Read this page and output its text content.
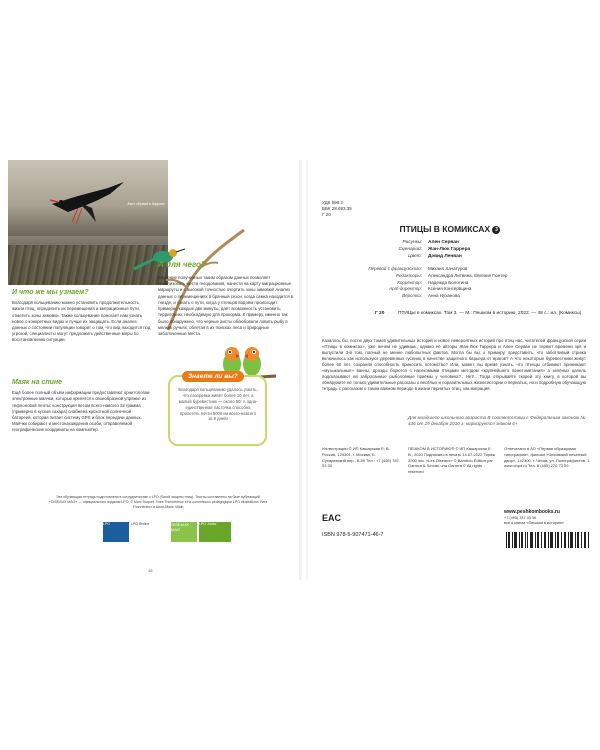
Аист чёрный в Африке

И что же мы узнаем?

Благодаря кольцеванию можно установить продолжительность жизни птиц, определить их перемещения и миграционные пути, отметить зоны зимовки. Также кольцевание помогает нам узнать новое о конкретных видах и лучше их защищать. Если анализ данных о состоянии популяции говорит о том, что вид находится под угрозой, специалисты могут предложить действенные меры по восстановлению ситуации.

Маяк на спине

Ещё более полный объём информации предоставляют орнитологам электронные маячки, которые крепятся к своеобразной упряжке из тефлоновой ленты; конструкция весом всего-навсего 32 грамма (примерно 6 кусков сахара) снабжена крохотной солнечной батареей, которая питает систему GPS и блок передачи данных. Маячки собирают и местонахождения особи, отправляемой географические координаты на компьютер.

А для чего?

Изучение полученных таким образом данных позволяет локализовать места гнездования, нанести на карту миграционные маршруты и с высокой точностью очертить зоны зимовки! Анализ данных о перемещениях в брачный сезон, когда самка находится в гнезде, и узнать о пути, когда у птенцов водоём происходит примерно каждые две минуты, даёт возможность установить территорию, необходимую для прокорма. К примеру, именно так было обнаружено, что черные аисты облюбовали ловить рыбу в мелких ручьях, облетая в их поисках леса и природные заболоченные места.

Знаете ли вы?
Благодаря кольцеванию удалось узнать, что лазоревка живёт более 10 лет, а малый буревестник — около 50! А одна-единственная ласточка способна пролететь почти 5000 км всего-навсего за 8 дней!
Эта обучающая тетрадь подготовлена в сотрудничестве с LPO (Лигой защиты птиц). Тексты составлены на базе публикаций «OISEAUX MAG» — официального издания LPO. © Marc Duquet, Yves Thonnérieux et la commission pédagogique LPO Illustrations Yves Thonnérieux и Anne-Marie Vilain
LPO	LPO Rhône	OISEAUX MAG
LPO Junior
48
УДК 598.2
ББК 28.693.35
Г 20
ПТИЦЫ В КОМИКСАХ 3
Рисунки:	Ален Серван
Сценарий:	Жан-Люк Гаррера
Цвет:	Дэвид Ленван
Перевод с французского:	Михаил Хачатуров
Редакторы:	Александра Литвина, Евгения Гюнтер
Корректор:	Надежда Болотина
Арт-директор:	Ксения Консервцина
Вёрстка:	Анна Нуханова
Г 20	ПТИЦЫ в комиксах. Том 3. — М.: Пешком в историю, 2022. — 48 с.: ил. (Комиксы)
Казалось бы, после двух томов удивительных историй и новое невероятных историй про птиц нас, читателей французской серии «Птицы в комиксах», уже ничем не удивишь, однако её авторы Жан-Люк Гаррера и Ален Серван не теряют времени зря и выпустили 3-й том, полный не менее любопытных фактов. Могла бы вы, к примеру, представить, что заботливый стрижа включилось как используют деревянных гусениц в качестве защитного барьера от врагов? А что некоторые буревестники живут более 60 лет, сохраняя способность приносить потомство? Или, может, вы время узнать, что птенцы отбивают принимают «музыкальные» ванны, дрозды борются с насекомыми птицами методом «крупнейшего пометометания» а зелёных цапель подсказывают ей забросанные рыболовные приёмы у человека?.. Нет!.. Тогда открывайте скорей эту книгу, в которой вы обнаружите не только удивительные рассказы о весёлых и поразительных жизни истории о пернатых, но и подробную обучающую тетрадь с рассказом о таком важном периоде в жизни пернатых птиц, как миграция.
Для младшего школьного возраста В соответствии с Федеральным законом № 436 от 29 декабря 2010 г. маркируется знаком 6+
Иллюстрации © ИП Кашарская Е. В. Россия, 129301, г. Москва, Б. Сухаревский пер., 6-39 Тел.: +7 (495) 787 03 30
ПЕШКОМ В ИСТОРИЮ® © ИП Кашарская Е. В., 2020 Подписано в печать 14.07.2022 Тираж 2000 экз. «Les Oiseaux» © Bamboo Édition par Garrera & Servan чна Garrera © All rights reserved
Отпечатано в АО «Первая образцовая типография», филиал «Чеховский печатный двор», 142300, г. Чехов, ул. Полиграфистов, 1 www.chpd.ru Тел. 8 (495) 270 73 59
EAC
www.peshkombooks.ru
+7 (495) 787 03 30
все о книгах «Пешком в историю»
ISBN 978-5-907471-46-7
